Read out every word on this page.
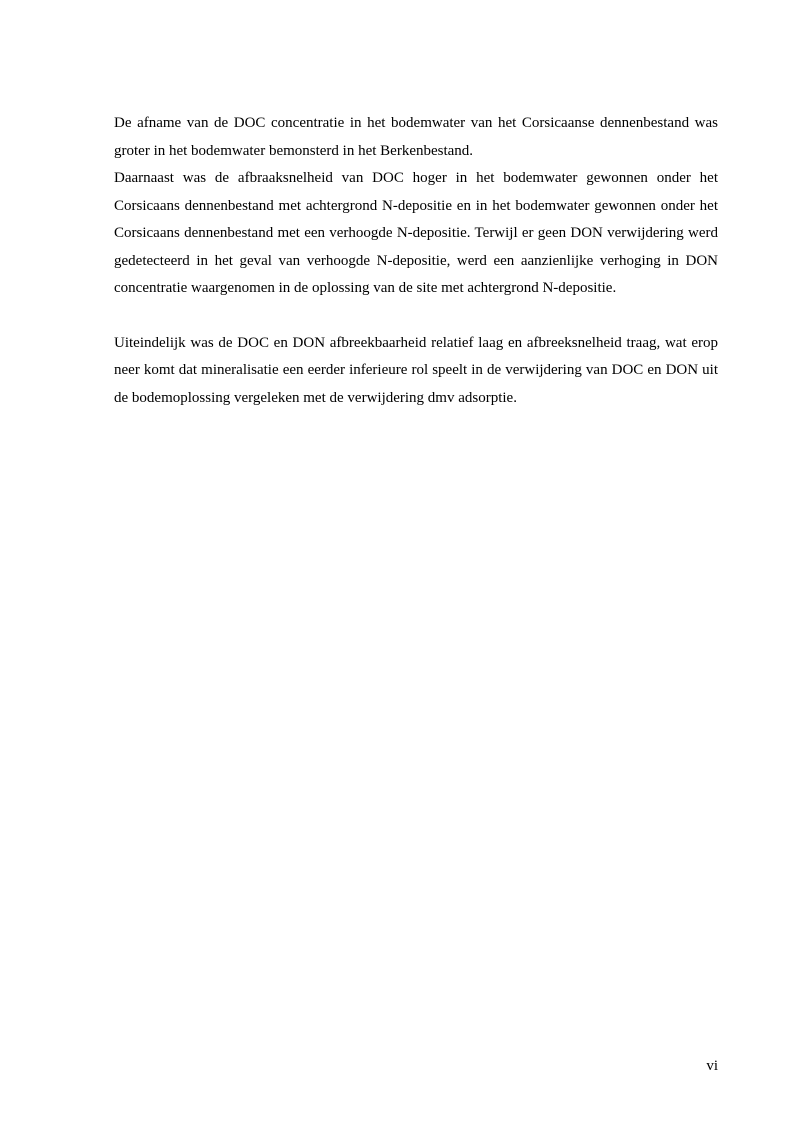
De afname van de DOC concentratie in het bodemwater van het Corsicaanse dennenbestand was groter in het bodemwater bemonsterd in het Berkenbestand.

Daarnaast was de afbraaksnelheid van DOC hoger in het bodemwater gewonnen onder het Corsicaans dennenbestand met achtergrond N-depositie en in het bodemwater gewonnen onder het Corsicaans dennenbestand met een verhoogde N-depositie. Terwijl er geen DON verwijdering werd gedetecteerd in het geval van verhoogde N-depositie, werd een aanzienlijke verhoging in DON concentratie waargenomen in de oplossing van de site met achtergrond N-depositie.

Uiteindelijk was de DOC en DON afbreekbaarheid relatief laag en afbreeksnelheid traag, wat erop neer komt dat mineralisatie een eerder inferieure rol speelt in de verwijdering van DOC en DON uit de bodemoplossing vergeleken met de verwijdering dmv adsorptie.

vi
